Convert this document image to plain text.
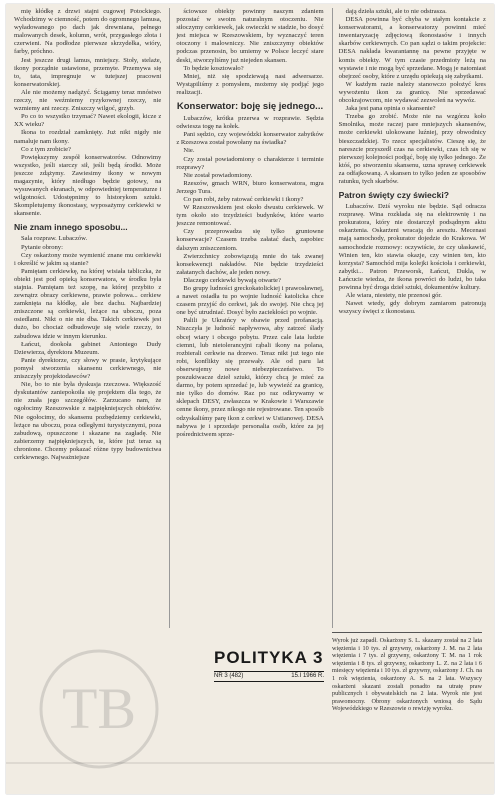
mię kłódkę z drzwi stajni cugowej Potockiego. Wchodzimy w ciemność, potem do ogromnego lamusa, wyładowanego po dach jak drewniana, pełnego malowanych desek, kolumn, wrót, przygasłego złota i czerwieni. Na podłodze pierwsze skrzydełka, wióry, farby, próchno.

Jest jeszcze drugi lamus, mniejszy. Stoły, stelaże, ikony porządnie ustawione, przemyte. Przemywa się to, tata, impregnuje w tutejszej pracowni konserwatorskiej.

Ale nie możemy nadążyć. Ściągamy teraz mnóstwo rzeczy, nie weźmiemy ryzykownej rzeczy, nie wzmiemy ani rzeczy. Zniszczy wilgoć, grzyb.

Po co to wszystko trzymać? Nawet ekologii, kicze z XX wieku?

Ikona to rozdział zamknięty. Już nikt nigdy nie namaluje nam ikony.

Co z tym zrobicie?

Powiększymy zespół konserwatorów. Odnowimy wszystko, jeśli starczy sił, jeśli będą środki. Może jeszcze zdążymy. Zawiesimy ikony w nowym magazynie, który niedługo będzie gotowy, na wysuwanych ekranach, w odpowiedniej temperaturze i wilgotności. Udostępnimy to historykom sztuki. Skompletujemy ikonostasy, wyposażymy cerkiewki w skansenie.

Nie znam innego sposobu...

Sala rozpraw. Lubaczów.

Pytanie obrony:

Czy oskarżony może wymienić znane mu cerkiewki i określić w jakim są stanie?

Pamiętam cerkiewkę, na której wisiała tabliczka, że obiekt jest pod opieką konserwatora, w środku była stajnia. Pamiętam też szopę, na której przybito z zewnątrz obrazy cerkiewne, prawie połowa... cerkiew zamknięta na kłódkę, ale bez dachu. Najbardziej zniszczone są cerkiewki, leżące na uboczu, poza osiedlami. Nikt o nie nie dba. Takich cerkiewek jest dużo, bo chociaż odbudowuje się wiele rzeczy, to zabudowa idzie w innym kierunku.

Łańcut, dookoła gabinet Antoniego Dudy Dziewierza, dyrektora Muzeum.

Panie dyrektorze, czy słowy w prasie, krytykujące pomysł stworzenia skansenu cerkiewnego, nie zniszczyły projektodawców?

Nie, bo to nie była dyskusja rzeczowa. Większość dyskutantów zaniepokoiła się projektem dla tego, że nie znała jego szczegółów. Zarzucano nam, że ogołocimy Rzeszowskie z najpiękniejszych obiektów. Nie ogołocimy, do skansenu pozbędziemy cerkiewki, leżące na uboczu, poza odległymi turystycznymi, poza zabudową, opuszczone i skazane na zagładę. Nie zabierzemy najpiękniejszych, te, które już teraz są chronione. Chcemy pokazać różne typy budownictwa cerkiewnego. Najważniejsze

ściowsze obiekty powinny naszym zdaniem pozostać w swoim naturalnym otoczeniu. Nie stłoczymy cerkiewek, jak owieczki w stadzie, bo dosyć jest miejsca w Rzeszowskiem, by wyznaczyć teren otoczony i malowniczy. Nie zniszczymy obiektów podczas przenosin, bo umiemy w Polsce leczyć stare deski, stworzyliśmy już niejeden skansen.

To będzie kosztowało?

Mniej, niż się spodziewają nasi adwersarze. Wystąpiliśmy z pomysłem, możemy się podjąć jego realizacji.

Konserwator: boję się jednego...

Lubaczów, krótka przerwa w rozprawie. Sędzia odwiesza togę na kołek.

Pani sędzio, czy wojewódzki konserwator zabytków z Rzeszowa został powołany na świadka?

Nie.

Czy został powiadomiony o charakterze i terminie rozprawy?

Nie został powiadomiony.

Rzeszów, gmach WRN, biuro konserwatora, mgra Jerzego Tura.

Co pan robi, żeby ratować cerkiewki i ikony?

W Rzeszowskiem jest około dwustu cerkiewek. W tym około sto trzydzieści budynków, które warto jeszcze remontować.

Czy przeprowadza się tylko gruntowne konserwacje? Czasem trzeba załatać dach, zapobiec dalszym zniszczeniom.

Zwierzchnicy zobowiązują mnie do tak zwanej konsekwencji nakładów. Nie będzie trzydzieści załatanych dachów, ale jeden nowy.

Dlaczego cerkiewki bywają otwarte?

Bo grupy ludności greckokatolickiej i prawosławnej, a nawet osiadła tu po wojnie ludność katolicka chce czasem przyjść do cerkwi, jak do swojej. Nie chcą jej one być utrudniać. Dosyć było zaciekłości po wojnie.

Palili je Ukraińcy w obawie przed profanacją. Niszczyła je ludność napływowa, aby zatrzeć ślady obcej wiary i obcego pobytu. Przez cale lata ludzie ciemni, lub nietolerancyjni rąbali ikony na polana, rozbierali cerkwie na drzewo. Teraz nikt już tego nie robi, konflikty się przewały. Ale od paru lat obserwujemy nowe niebezpieczeństwo. To poszukiwacze dzieł sztuki, którzy chcą je mieć za darmo, by potem sprzedać je, lub wywieźć za granicę, nie tylko do domów. Raz po raz odkrywamy w sklepach DESY, zwłaszcza w Krakowie i Warszawie cenne ikony, przez nikogo nie rejestrowane. Ten sposób odzyskaliśmy parę ikon z cerkwi w Ustianowej. DESA nabywa je i sprzedaje personalia osób, które za jej pośrednictwem sprze-

dają dzieła sztuki, ale to nie odstrasza.

DESA powinna być chyba w stałym kontakcie z konserwatorami, a konserwatorzy powinni mieć inwentaryzację zdjęciową ikonostasów i innych skarbów cerkiewnych. Co pan sądzi o takim projekcie: DESA nakłada kwarantannę na pewne przyjęte w komis obiekty. W tym czasie przedmioty leżą na wystawie i nie mogą być sprzedane. Mogą je natomiast obejrzeć osoby, które z urzędu opiekują się zabytkami.

W każdym razie należy stanowczo położyć kres wywożeniu ikon za granicę. Nie sprzedawać obcokrajowcom, nie wydawać zezwoleń na wywóz.

Jaka jest pana opinia o skansenie?

Trzeba go zrobić. Może nie na wzgórzu koło Smolnika, może raczej pare mniejszych skansenów, może cerkiewki ulokowane luźniej, przy obwodnicy bieszczadzkiej. To rzecz specjalistów. Cieszę się, że nareszcie przyszedł czas na cerkiewki, czas ich się w pierwszej kolejności podjąć, boję się tylko jednego. Że któś, po stworzeniu skansenu, uzna sprawę cerkiewek za odfajkowaną. A skansen to tylko jeden ze sposobów ratunku, tych skarbów.

Patron święty czy świecki?

Lubaczów. Dziś wyroku nie będzie. Sąd odracza rozprawę. Wina rozkłada się na elektrownię i na prokuratora, który nie dostarczył podsądnym aktu oskarżenia. Oskarżeni wracają do aresztu. Mecenasi mają samochody, prokurator dojedzie do Krakowa. W samochodzie rozmowy: oczywiście, że czy ułaskawić, Winien ten, kto stawia okazje, czy winien ten, kto korzysta? Samochód mija kolejki kościoła i cerkiewki, zabytki... Patron Przeworsk, Łańcut, Dukla, w Łańcucie wiedza, że ikona powróci do ludzi, bo taka powinna być droga dzieł sztuki, dokumentów kultury.

Ale wiara, niestety, nie przenosi gór.

Nawet wtedy, gdy dobrym zamiarom patronują wszyscy święci z ikonostasu.

POLITYKA 3
NR 3 (482)	15.I 1966 R.
Wyrok już zapadł. Oskarżony S. L. skazany został na 2 lata więzienia i 10 tys. zł grzywny, oskarżony J. M. na 2 lata więzienia i 7 tys. zł grzywny, oskarżony T. M. na 1 rok więzienia i 8 tys. zł grzywny, oskarżony L. Z. na 2 lata i 6 miesięcy więzienia i 10 tys. zł grzywny, oskarżony J. Ch. na 1 rok więzienia, oskarżony A. S. na 2 lata. Wszyscy oskarżeni skazani zostali ponadto na utratę praw publicznych i obywatelskich na 2 lata. Wyrok nie jest prawomocny. Obrony oskarżonych wniosą do Sądu Wojewódzkiego w Rzeszowie o rewizję wyroku.
TB
